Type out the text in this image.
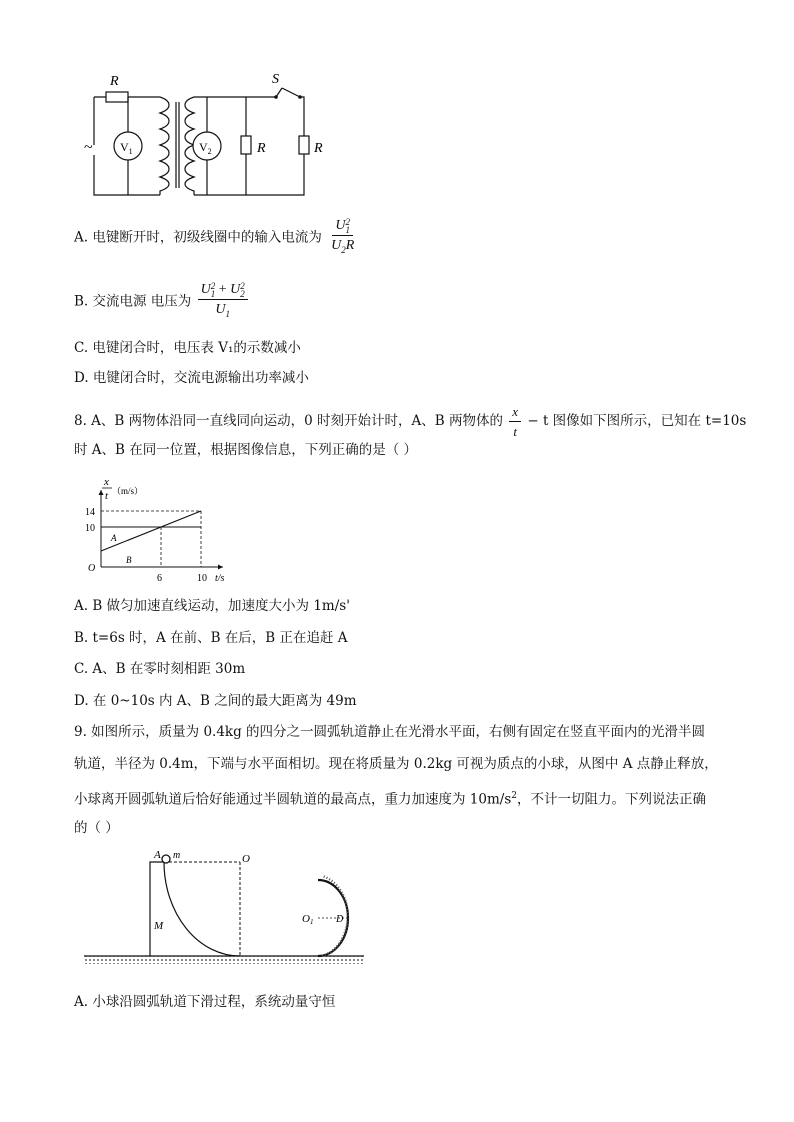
~
R	S
$V_1$	$V_2$	R	R
A. 电键断开时，初级线圈中的输入电流为 U 2
1
$U_2R$
B. 交流电源 电压为 U 2
1 + U 2
2
$U_1$
C. 电键闭合时，电压表 V₁的示数减小
D. 电键闭合时，交流电源输出功率减小
8. A、B 两物体沿同一直线同向运动，0 时刻开始计时，A、B 两物体的 $\frac{x}{t} - t$ 图像如下图所示，已知在 t=10s
时 A、B 在同一位置，根据图像信息，下列正确的是（ ）
x
t （m/s）
O
t/s
10
14
6	10
A
B
A. B 做匀加速直线运动，加速度大小为 1m/s'
B. t=6s 时，A 在前、B 在后，B 正在追赶 A
C. A、B 在零时刻相距 30m
D. 在 0~10s 内 A、B 之间的最大距离为 49m
9. 如图所示，质量为 0.4kg 的四分之一圆弧轨道静止在光滑水平面，右侧有固定在竖直平面内的光滑半圆
轨道，半径为 0.4m，下端与水平面相切。现在将质量为 0.2kg 可视为质点的小球，从图中 A 点静止释放，
小球离开圆弧轨道后恰好能通过半圆轨道的最高点，重力加速度为 $10m/s^2$，不计一切阻力。下列说法正确
的（ ）
A m	O
M
O1 D
A. 小球沿圆弧轨道下滑过程，系统动量守恒
